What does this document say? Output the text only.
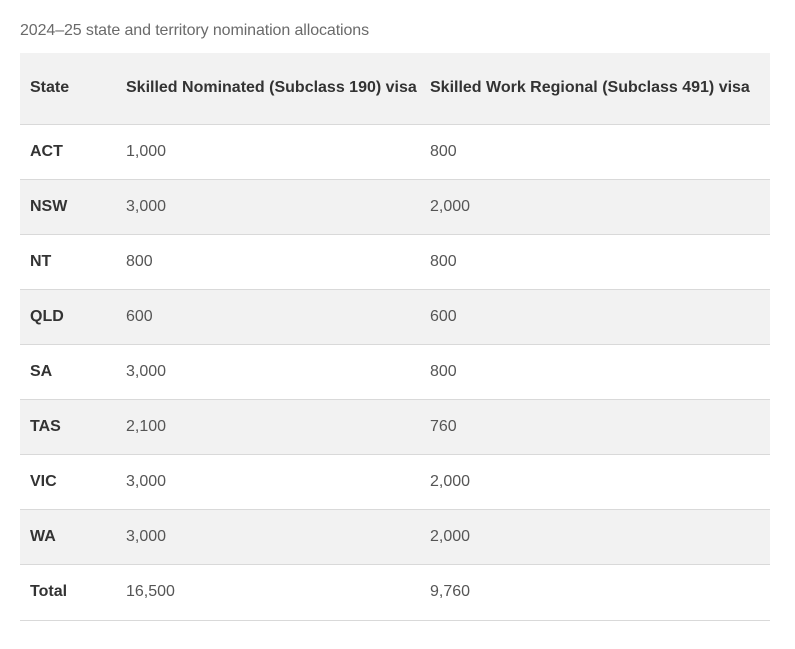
2024–25 state and territory nomination allocations
State	Skilled Nominated (Subclass 190) visa	Skilled Work Regional (Subclass 491) visa
ACT	1,000	800
NSW	3,000	2,000
NT	800	800
QLD	600	600
SA	3,000	800
TAS	2,100	760
VIC	3,000	2,000
WA	3,000	2,000
Total	16,500	9,760
